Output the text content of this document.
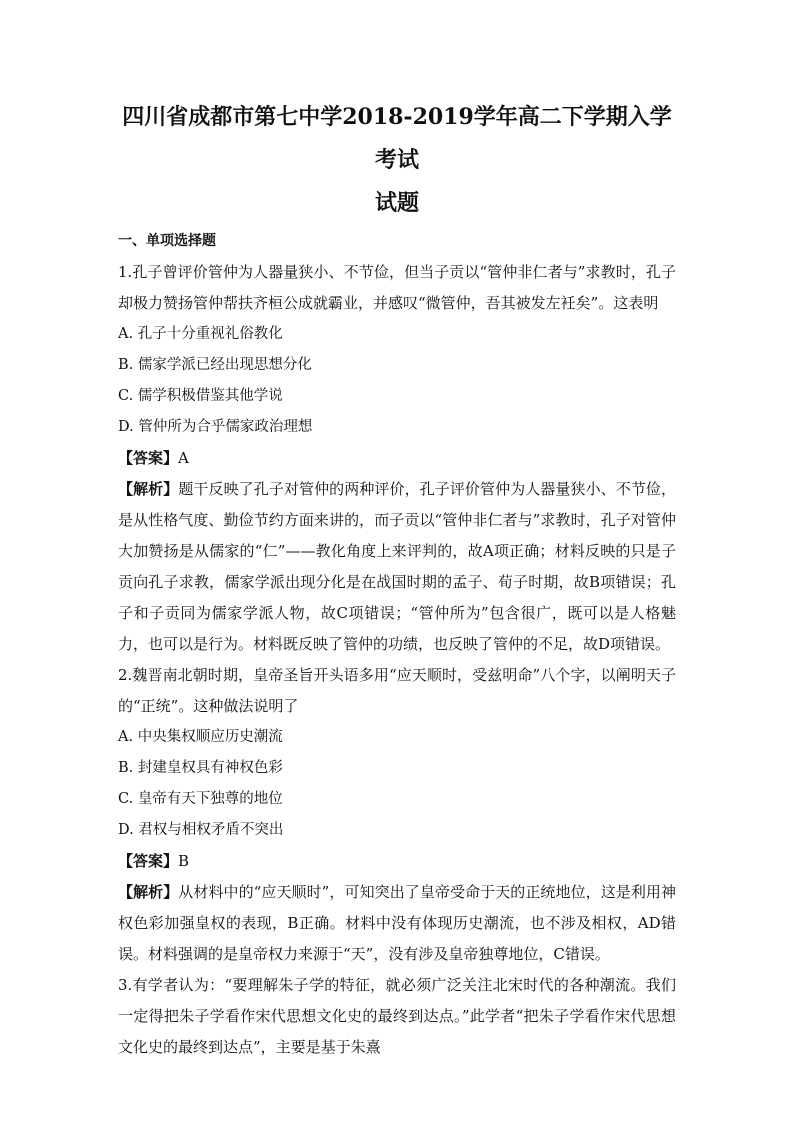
四川省成都市第七中学2018-2019学年高二下学期入学考试
试题
一、单项选择题

1.孔子曾评价管仲为人器量狭小、不节俭，但当子贡以“管仲非仁者与”求教时，孔子却极力赞扬管仲帮扶齐桓公成就霸业，并感叹“微管仲，吾其被发左衽矣”。这表明

A. 孔子十分重视礼俗教化

B. 儒家学派已经出现思想分化

C. 儒学积极借鉴其他学说

D. 管仲所为合乎儒家政治理想

【答案】A

【解析】题干反映了孔子对管仲的两种评价，孔子评价管仲为人器量狭小、不节俭，是从性格气度、勤俭节约方面来讲的，而子贡以“管仲非仁者与”求教时，孔子对管仲大加赞扬是从儒家的“仁”——教化角度上来评判的，故A项正确；材料反映的只是子贡向孔子求教，儒家学派出现分化是在战国时期的孟子、荀子时期，故B项错误；孔子和子贡同为儒家学派人物，故C项错误；“管仲所为”包含很广，既可以是人格魅力，也可以是行为。材料既反映了管仲的功绩，也反映了管仲的不足，故D项错误。

2.魏晋南北朝时期，皇帝圣旨开头语多用“应天顺时，受兹明命”八个字，以阐明天子的“正统”。这种做法说明了

A. 中央集权顺应历史潮流

B. 封建皇权具有神权色彩

C. 皇帝有天下独尊的地位

D. 君权与相权矛盾不突出

【答案】B

【解析】从材料中的“应天顺时”，可知突出了皇帝受命于天的正统地位，这是利用神权色彩加强皇权的表现，B正确。材料中没有体现历史潮流，也不涉及相权，AD错误。材料强调的是皇帝权力来源于“天”，没有涉及皇帝独尊地位，C错误。

3.有学者认为：“要理解朱子学的特征，就必须广泛关注北宋时代的各种潮流。我们一定得把朱子学看作宋代思想文化史的最终到达点。”此学者“把朱子学看作宋代思想文化史的最终到达点”，主要是基于朱熹
